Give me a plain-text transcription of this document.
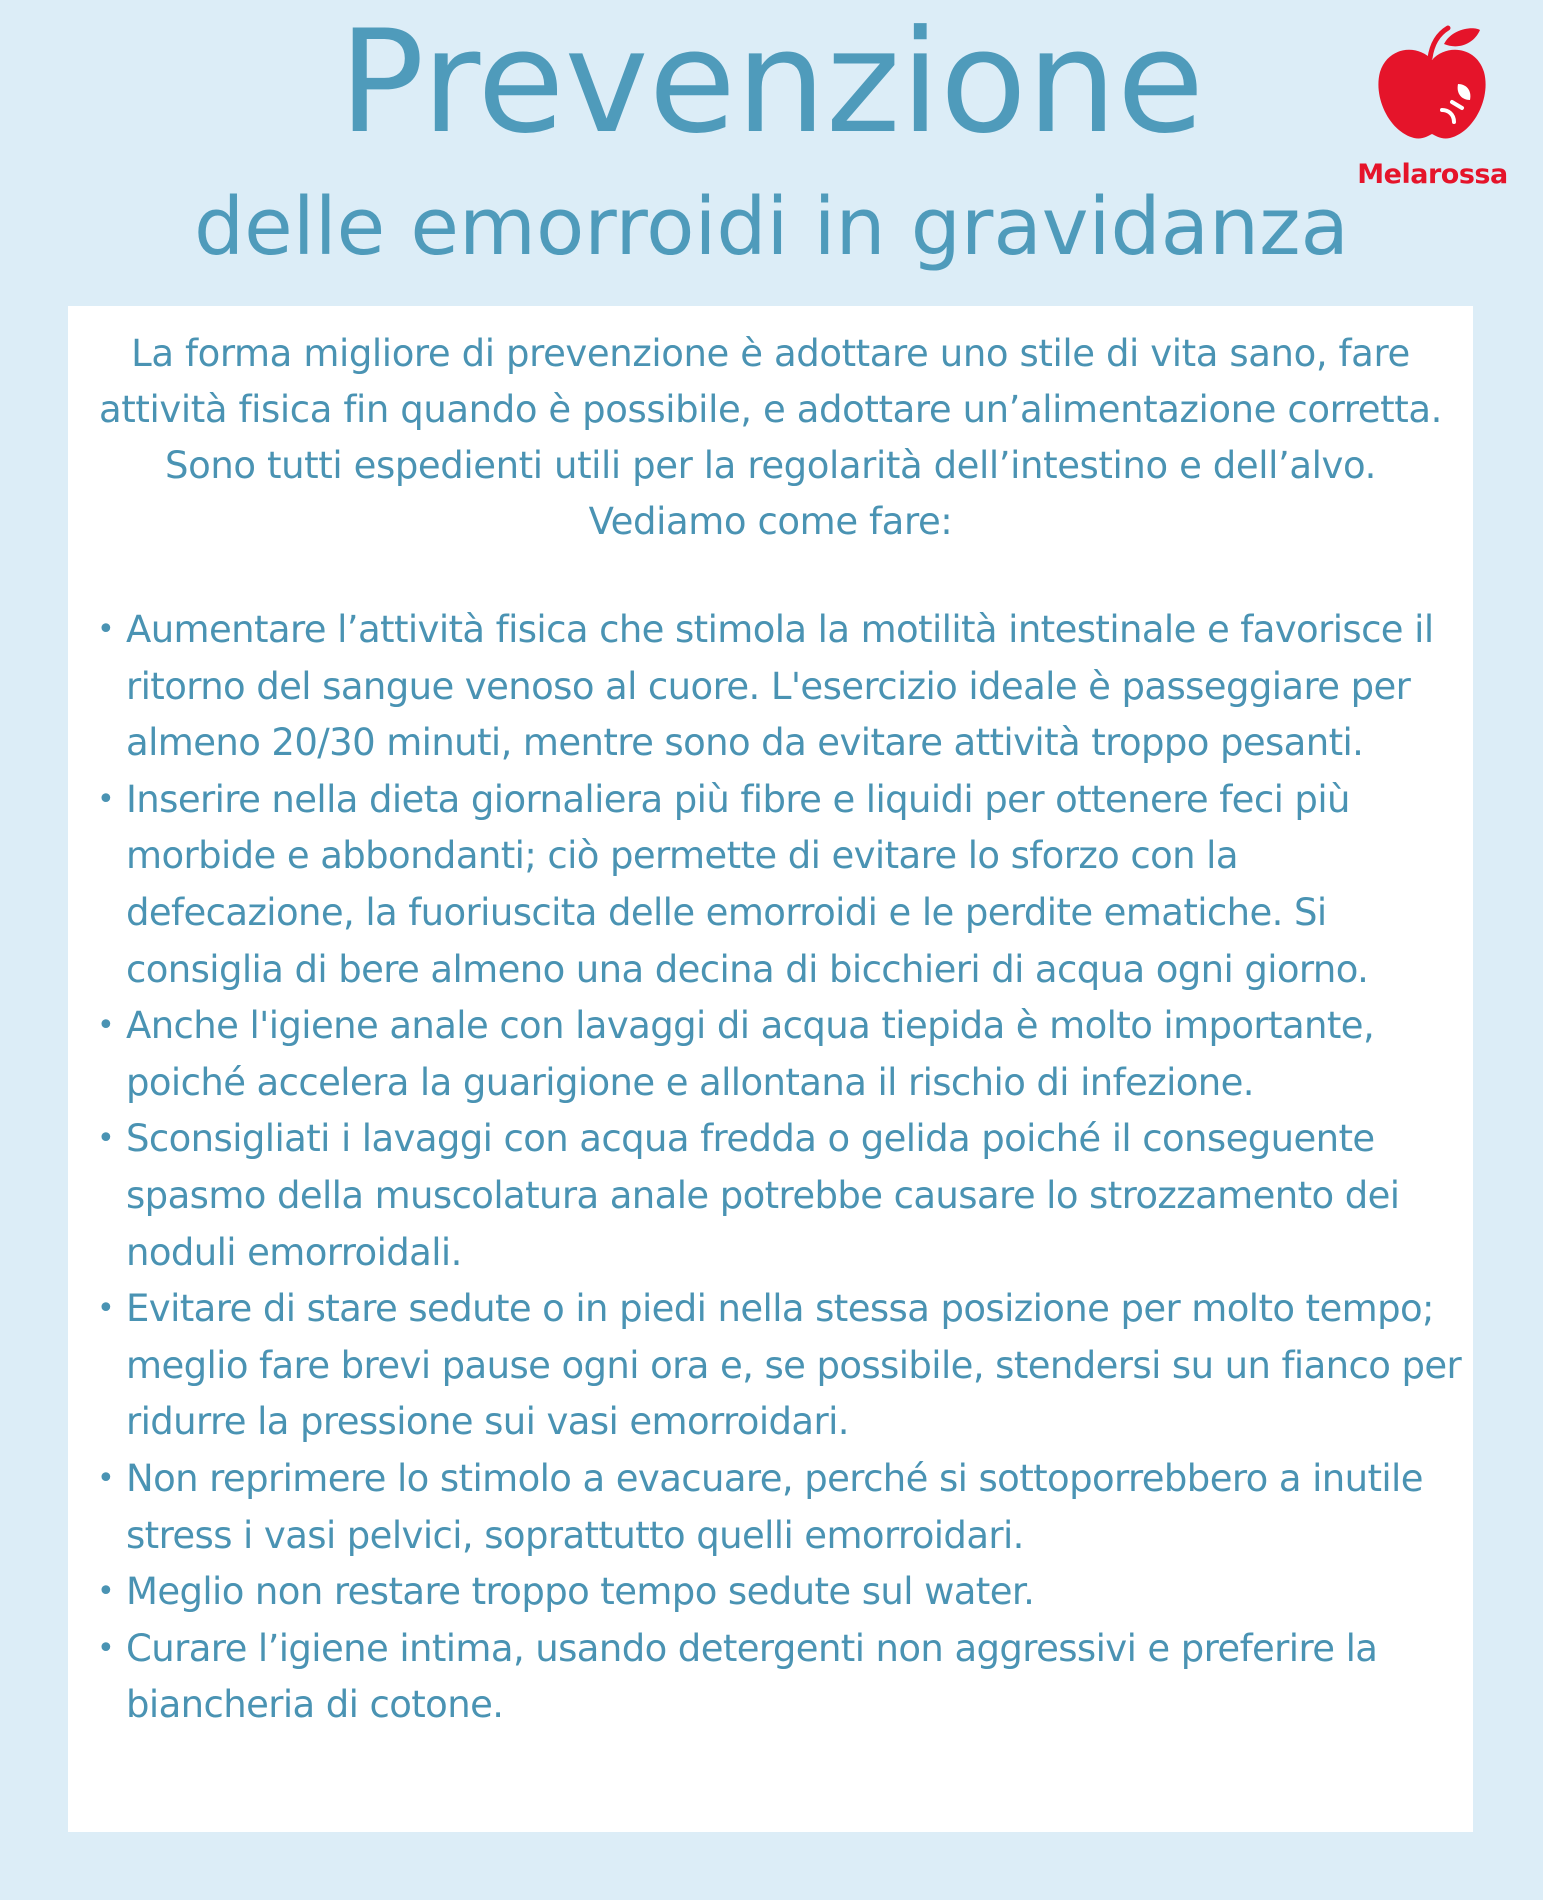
Prevenzione
delle emorroidi in gravidanza
Melarossa

La forma migliore di prevenzione è adottare uno stile di vita sano, fare attività fisica fin quando è possibile, e adottare un’alimentazione corretta. Sono tutti espedienti utili per la regolarità dell’intestino e dell’alvo. Vediamo come fare:

• Aumentare l’attività fisica che stimola la motilità intestinale e favorisce il ritorno del sangue venoso al cuore. L'esercizio ideale è passeggiare per almeno 20/30 minuti, mentre sono da evitare attività troppo pesanti.
• Inserire nella dieta giornaliera più fibre e liquidi per ottenere feci più morbide e abbondanti; ciò permette di evitare lo sforzo con la defecazione, la fuoriuscita delle emorroidi e le perdite ematiche. Si consiglia di bere almeno una decina di bicchieri di acqua ogni giorno.
• Anche l'igiene anale con lavaggi di acqua tiepida è molto importante, poiché accelera la guarigione e allontana il rischio di infezione.
• Sconsigliati i lavaggi con acqua fredda o gelida poiché il conseguente spasmo della muscolatura anale potrebbe causare lo strozzamento dei noduli emorroidali.
• Evitare di stare sedute o in piedi nella stessa posizione per molto tempo; meglio fare brevi pause ogni ora e, se possibile, stendersi su un fianco per ridurre la pressione sui vasi emorroidari.
• Non reprimere lo stimolo a evacuare, perché si sottoporrebbero a inutile stress i vasi pelvici, soprattutto quelli emorroidari.
• Meglio non restare troppo tempo sedute sul water.
• Curare l’igiene intima, usando detergenti non aggressivi e preferire la biancheria di cotone.
